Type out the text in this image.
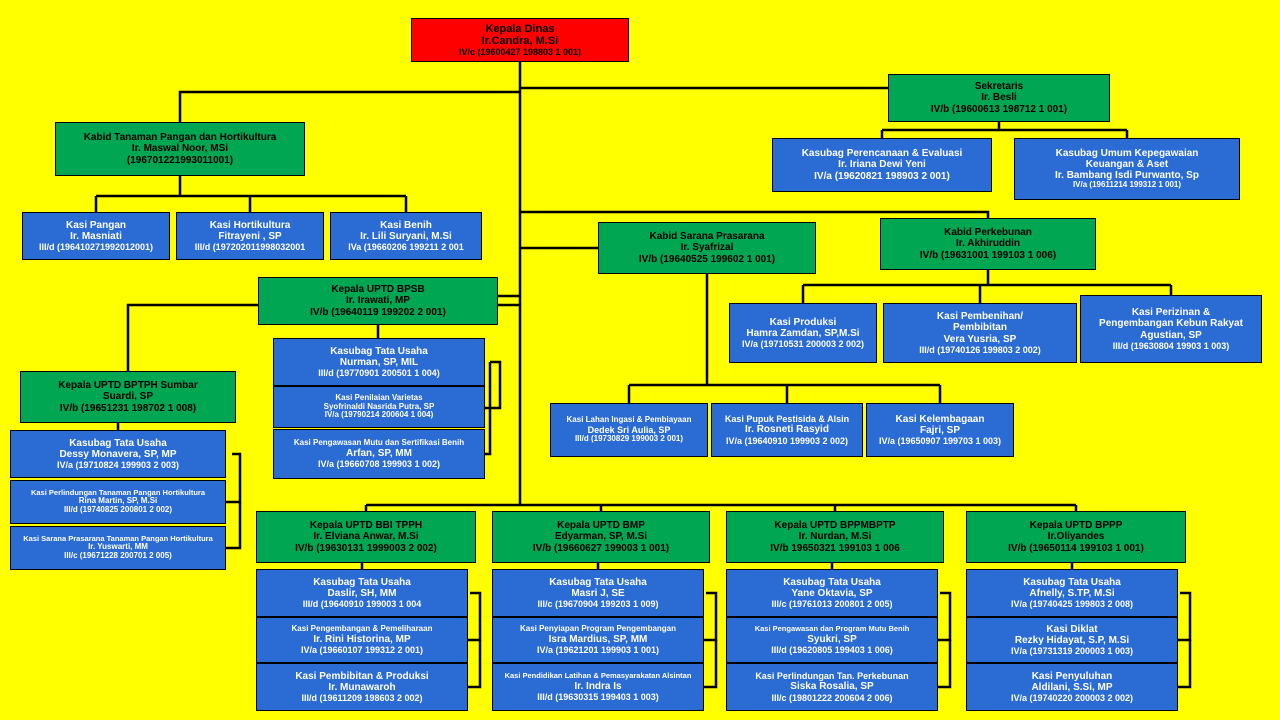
Kepala Dinas
Ir.Candra, M.Si
IV/c (19600427 198803 1 001)
Sekretaris
Ir. Besli
IV/b (19600613 198712 1 001)
Kasubag Perencanaan & Evaluasi
Ir. Iriana Dewi Yeni
IV/a (19620821 198903 2 001)
Kasubag Umum Kepegawaian
Keuangan & Aset
Ir. Bambang Isdi Purwanto, Sp
IV/a (19611214 199312 1 001)
Kabid Tanaman Pangan dan Hortikultura
Ir. Maswal Noor, MSi
(196701221993011001)
Kasi Pangan
Ir. Masniati
III/d (196410271992012001)
Kasi Hortikultura
Fitrayeni , SP
III/d (197202011998032001
Kasi Benih
Ir. Lili Suryani, M.Si
IVa (19660206 199211 2 001
Kabid Sarana Prasarana
Ir. Syafrizal
IV/b (19640525 199602 1 001)
Kabid Perkebunan
Ir. Akhiruddin
IV/b (19631001 199103 1 006)
Kasi Produksi
Hamra Zamdan, SP,M.Si
IV/a (19710531 200003 2 002)
Kasi Pembenihan/
Pembibitan
Vera Yusria, SP
III/d (19740126 199803 2 002)
Kasi Perizinan &
Pengembangan Kebun Rakyat
Agustian, SP
III/d (19630804 19903 1 003)
Kasi Lahan Ingasi & Pembiayaan
Dedek Sri Aulia, SP
III/d (19730829 199003 2 001)
Kasi Pupuk Pestisida & Alsin
Ir. Rosneti Rasyid
IV/a (19640910 199903 2 002)
Kasi Kelembagaan
Fajri, SP
IV/a (19650907 199703 1 003)
Kepala UPTD BPSB
Ir. Irawati, MP
IV/b (19640119 199202 2 001)
Kasubag Tata Usaha
Nurman, SP, MIL
III/d (19770901 200501 1 004)
Kasi Penilaian Varietas
Syofrinaldi Nasrida Putra, SP
IV/a (19790214 200604 1 004)
Kasi Pengawasan Mutu dan Sertifikasi Benih
Arfan, SP, MM
IV/a (19660708 199903 1 002)
Kepala UPTD BPTPH Sumbar
Suardi, SP
IV/b (19651231 198702 1 008)
Kasubag Tata Usaha
Dessy Monavera, SP, MP
IV/a (19710824 199903 2 003)
Kasi Perlindungan Tanaman Pangan Hortikultura
Rina Martin, SP, M.Si
III/d (19740825 200801 2 002)
Kasi Sarana Prasarana Tanaman Pangan Hortikultura
Ir. Yuswarti, MM
III/c (19671228 200701 2 005)
Kepala UPTD BBI TPPH
Ir. Elviana Anwar, M.Si
IV/b (19630131 1999003 2 002)
Kasubag Tata Usaha
Daslir, SH, MM
III/d (19640910 199003 1 004
Kasi Pengembangan & Pemeliharaan
Ir. Rini Historina, MP
IV/a (19660107 199312 2 001)
Kasi Pembibitan & Produksi
Ir. Munawaroh
III/d (19611209 198603 2 002)
Kepala UPTD BMP
Edyarman, SP, M.Si
IV/b (19660627 199003 1 001)
Kasubag Tata Usaha
Masri J, SE
III/c (19670904 199203 1 009)
Kasi Penyiapan Program Pengembangan
Isra Mardius, SP, MM
IV/a (19621201 199903 1 001)
Kasi Pendidikan Latihan & Pemasyarakatan Alsintan
Ir. Indra Is
III/d (19630315 199403 1 003)
Kepala UPTD BPPMBPTP
Ir. Nurdan, M.Si
IV/b 19650321 199103 1 006
Kasubag Tata Usaha
Yane Oktavia, SP
III/c (19761013 200801 2 005)
Kasi Pengawasan dan Program Mutu Benih
Syukri, SP
IIl/d (19620805 199403 1 006)
Kasi Perlindungan Tan. Perkebunan
Siska Rosalia, SP
III/c (19801222 200604 2 006)
Kepala UPTD BPPP
Ir.Oliyandes
IV/b (19650114 199103 1 001)
Kasubag Tata Usaha
Afnelly, S.TP, M.Si
IV/a (19740425 199803 2 008)
Kasi Diklat
Rezky Hidayat, S.P, M.Si
IV/a (19731319 200003 1 003)
Kasi Penyuluhan
Aldilani, S.Si, MP
IV/a (19740220 200003 2 002)
